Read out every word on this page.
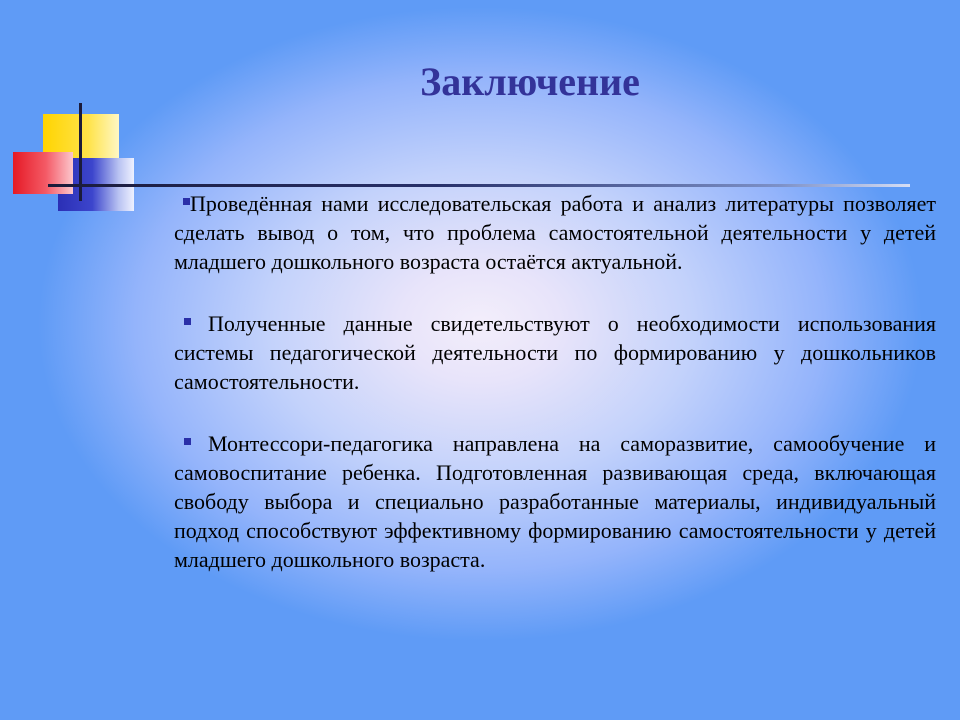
Заключение

Проведённая нами исследовательская работа и анализ литературы позволяет сделать вывод о том, что проблема самостоятельной деятельности у детей младшего дошкольного возраста остаётся актуальной.

Полученные данные свидетельствуют о необходимости использования системы педагогической деятельности по формированию у дошкольников самостоятельности.

Монтессори-педагогика направлена на саморазвитие, самообучение и самовоспитание ребенка. Подготовленная развивающая среда, включающая свободу выбора и специально разработанные материалы, индивидуальный подход способствуют эффективному формированию самостоятельности у детей младшего дошкольного возраста.
